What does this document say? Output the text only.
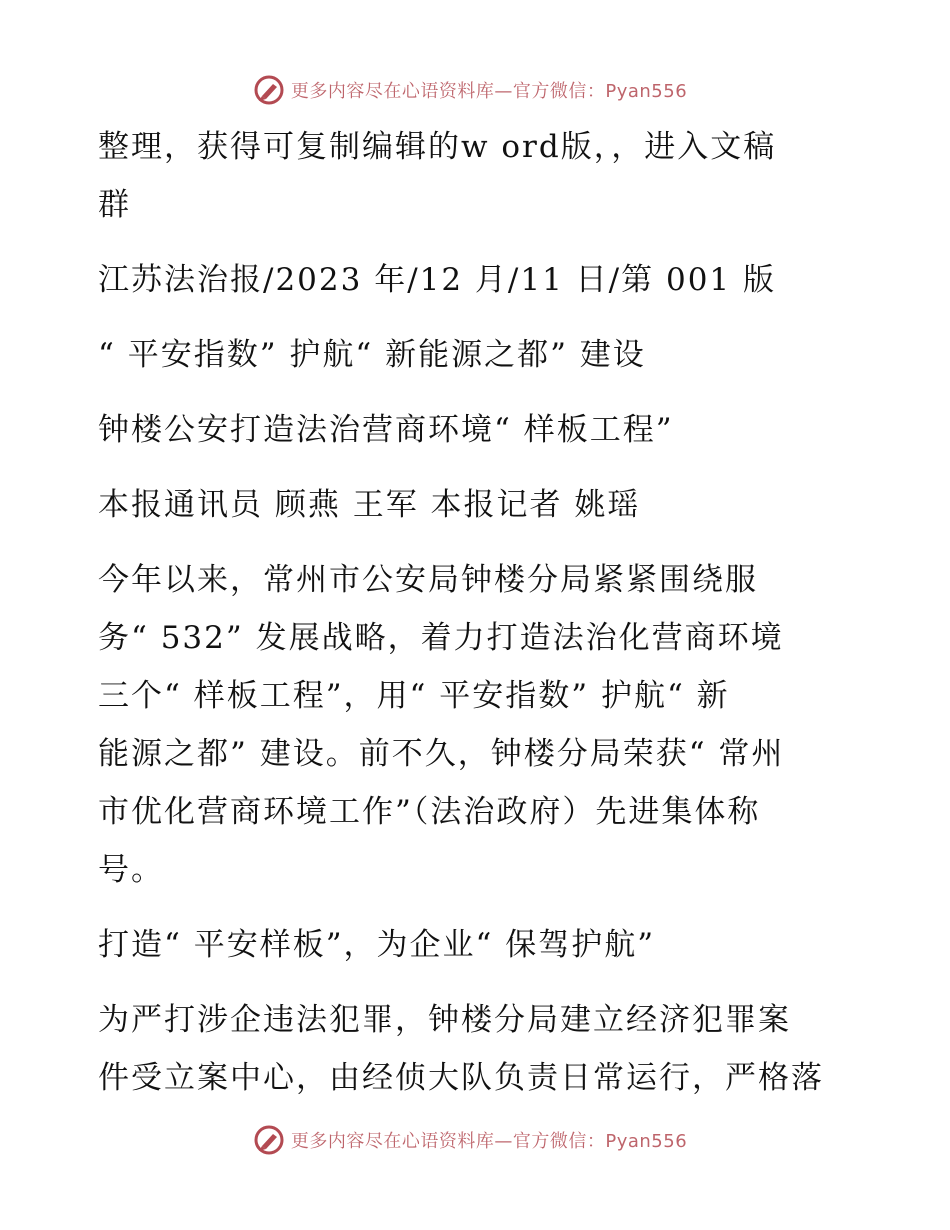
更多内容尽在心语资料库—官方微信：Pyan556
整理，获得可复制编辑的w ord版，，进入文稿
群
江苏法治报/2023 年/12 月/11 日/第 001 版
“ 平安指数” 护航“ 新能源之都” 建设
钟楼公安打造法治营商环境“ 样板工程”
本报通讯员 顾燕 王军 本报记者 姚瑶
今年以来，常州市公安局钟楼分局紧紧围绕服
务“ 532” 发展战略，着力打造法治化营商环境
三个“ 样板工程”，用“ 平安指数” 护航“ 新
能源之都” 建设。前不久，钟楼分局荣获“ 常州
市优化营商环境工作”（法治政府）先进集体称
号。
打造“ 平安样板”，为企业“ 保驾护航”
为严打涉企违法犯罪，钟楼分局建立经济犯罪案
件受立案中心，由经侦大队负责日常运行，严格落
更多内容尽在心语资料库—官方微信：Pyan556
